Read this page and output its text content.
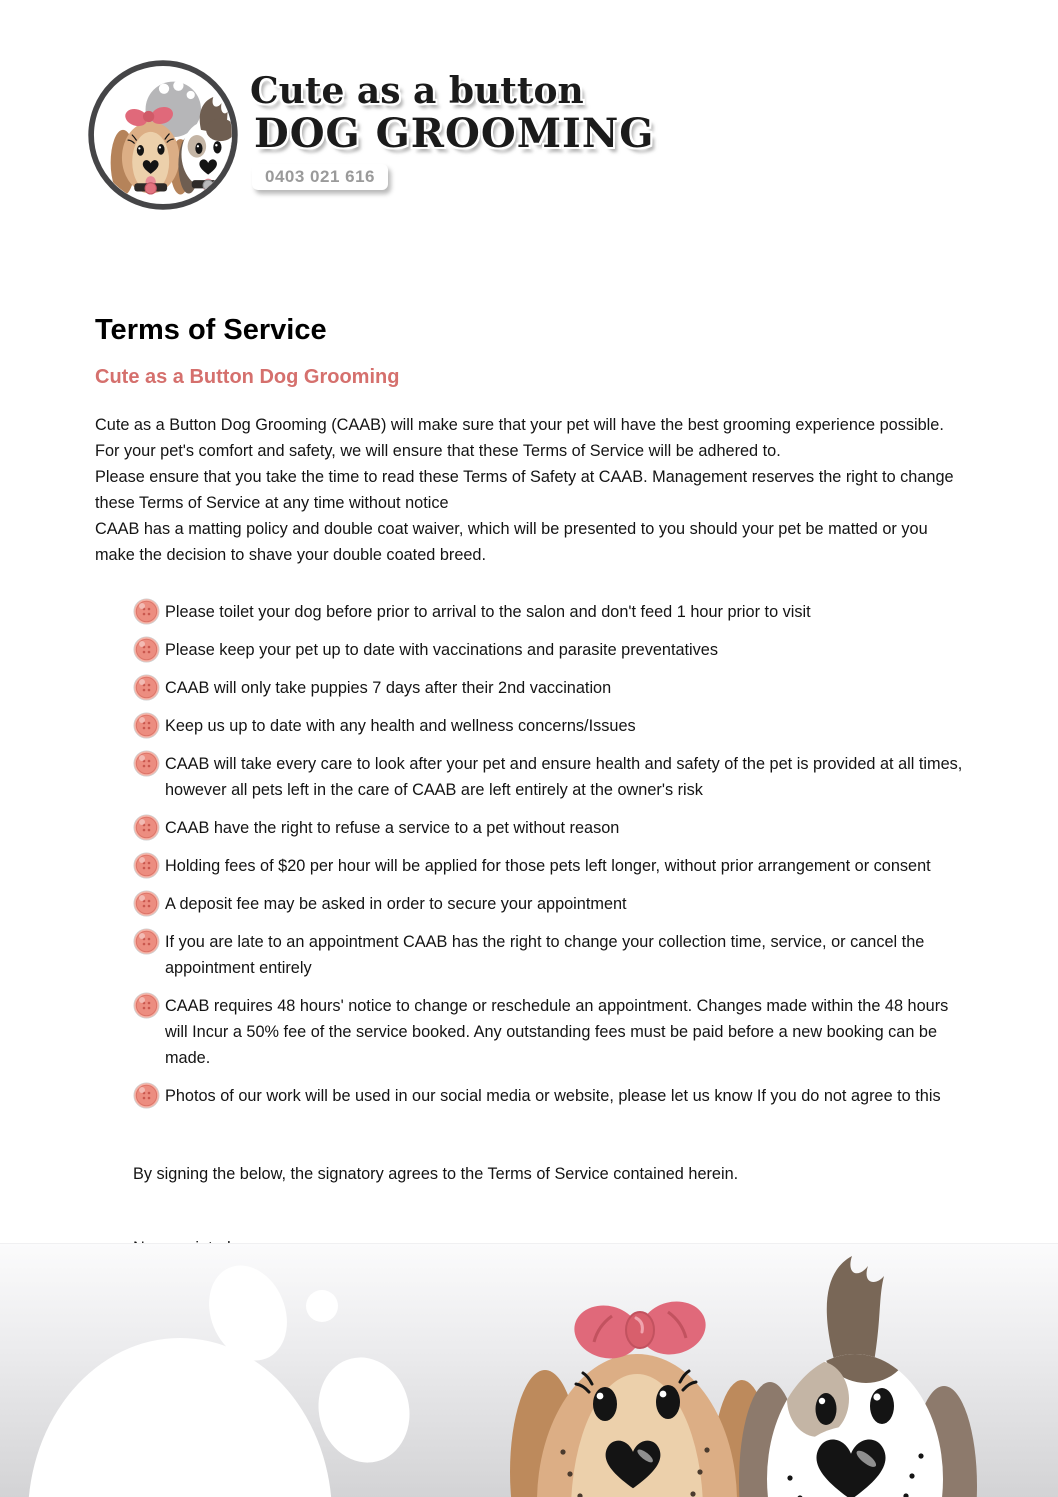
Cute as a button
DOG GROOMING
0403 021 616
Terms of Service
Cute as a Button Dog Grooming

Cute as a Button Dog Grooming (CAAB) will make sure that your pet will have the best grooming experience possible. For your pet's comfort and safety, we will ensure that these Terms of Service will be adhered to.

Please ensure that you take the time to read these Terms of Safety at CAAB. Management reserves the right to change these Terms of Service at any time without notice

CAAB has a matting policy and double coat waiver, which will be presented to you should your pet be matted or you make the decision to shave your double coated breed.

Please toilet your dog before prior to arrival to the salon and don't feed 1 hour prior to visit
Please keep your pet up to date with vaccinations and parasite preventatives
CAAB will only take puppies 7 days after their 2nd vaccination
Keep us up to date with any health and wellness concerns/Issues
CAAB will take every care to look after your pet and ensure health and safety of the pet is provided at all times, however all pets left in the care of CAAB are left entirely at the owner's risk
CAAB have the right to refuse a service to a pet without reason
Holding fees of $20 per hour will be applied for those pets left longer, without prior arrangement or consent
A deposit fee may be asked in order to secure your appointment
If you are late to an appointment CAAB has the right to change your collection time, service, or cancel the appointment entirely
CAAB requires 48 hours' notice to change or reschedule an appointment. Changes made within the 48 hours will Incur a 50% fee of the service booked. Any outstanding fees must be paid before a new booking can be made.
Photos of our work will be used in our social media or website, please let us know If you do not agree to this

By signing the below, the signatory agrees to the Terms of Service contained herein.
